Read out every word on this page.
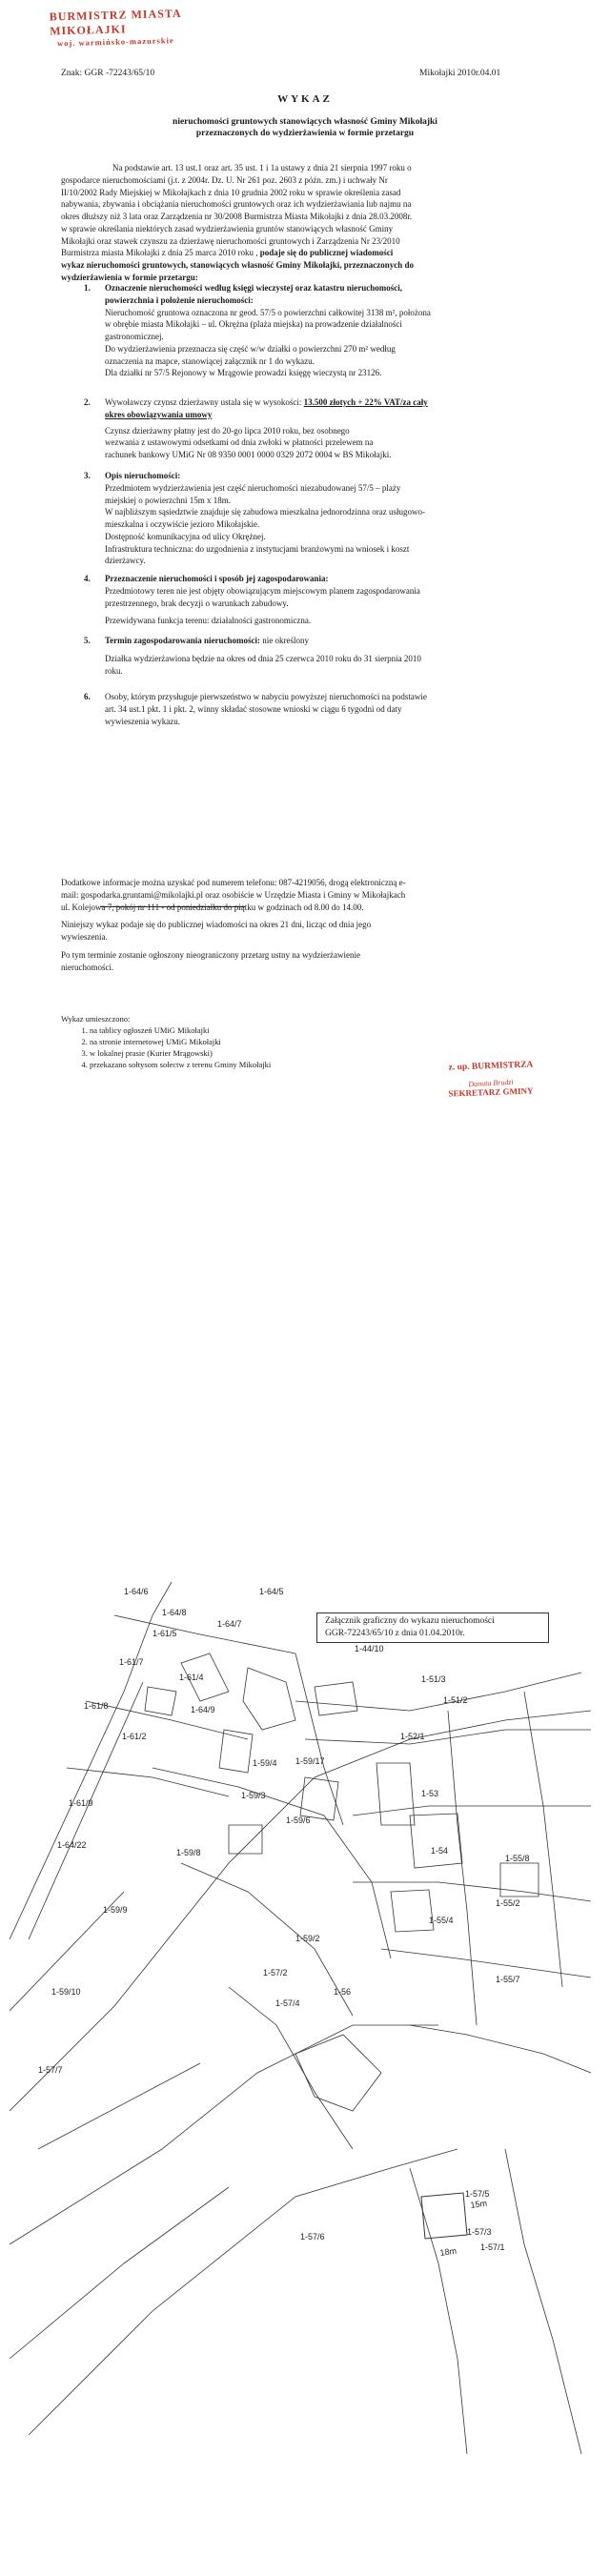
BURMISTRZ MIASTA MIKOŁAJKI
woj. warmińsko-mazurskie
Znak: GGR -72243/65/10	Mikołajki 2010r.04.01
WYKAZ
nieruchomości gruntowych stanowiących własność Gminy Mikołajki przeznaczonych do wydzierżawienia w formie przetargu
Na podstawie art. 13 ust.1 oraz art. 35 ust. 1 i 1a ustawy z dnia 21 sierpnia 1997 roku o
gospodarce nieruchomościami (j.t. z 2004r. Dz. U. Nr 261 poz. 2603 z późn. zm.) i uchwały Nr
II/10/2002 Rady Miejskiej w Mikołajkach z dnia 10 grudnia 2002 roku w sprawie określenia zasad
nabywania, zbywania i obciążania nieruchomości gruntowych oraz ich wydzierżawiania lub najmu na
okres dłuższy niż 3 lata oraz Zarządzenia nr 30/2008 Burmistrza Miasta Mikołajki z dnia 28.03.2008r.
w sprawie określania niektórych zasad wydzierżawienia gruntów stanowiących własność Gminy
Mikołajki oraz stawek czynszu za dzierżawę nieruchomości gruntowych i Zarządzenia Nr 23/2010
Burmistrza miasta Mikołajki z dnia 25 marca 2010 roku , podaje się do publicznej wiadomości
wykaz nieruchomości gruntowych, stanowiących własność Gminy Mikołajki, przeznaczonych do
wydzierżawienia w formie przetargu:
1. Oznaczenie nieruchomości według księgi wieczystej oraz katastru nieruchomości,
powierzchnia i położenie nieruchomości:
Nieruchomość gruntowa oznaczona nr geod. 57/5 o powierzchni całkowitej 3138 m², położona
w obrębie miasta Mikołajki – ul. Okrężna (plaża miejska) na prowadzenie działalności
gastronomicznej.
Do wydzierżawienia przeznacza się część w/w działki o powierzchni 270 m² według
oznaczenia na mapce, stanowiącej załącznik nr 1 do wykazu.
Dla działki nr 57/5 Rejonowy w Mrągowie prowadzi księgę wieczystą nr 23126.
2. Wywoławczy czynsz dzierżawny ustala się w wysokości: 13.500 złotych + 22% VAT/za cały
okres obowiązywania umowy
Czynsz dzierżawny płatny jest do 20-go lipca 2010 roku, bez osobnego
wezwania z ustawowymi odsetkami od dnia zwłoki w płatności przelewem na
rachunek bankowy UMiG Nr 08 9350 0001 0000 0329 2072 0004 w BS Mikołajki.
3. Opis nieruchomości:
Przedmiotem wydzierżawienia jest część nieruchomości niezabudowanej 57/5 – plaży
miejskiej o powierzchni 15m x 18m.
W najbliższym sąsiedztwie znajduje się zabudowa mieszkalna jednorodzinna oraz usługowo-
mieszkalna i oczywiście jezioro Mikołajskie.
Dostępność komunikacyjna od ulicy Okrężnej.
Infrastruktura techniczna: do uzgodnienia z instytucjami branżowymi na wniosek i koszt
dzierżawcy.
4. Przeznaczenie nieruchomości i sposób jej zagospodarowania:
Przedmiotowy teren nie jest objęty obowiązującym miejscowym planem zagospodarowania
przestrzennego, brak decyzji o warunkach zabudowy.
Przewidywana funkcja terenu: działalności gastronomiczna.
5. Termin zagospodarowania nieruchomości: nie określony
Działka wydzierżawiona będzie na okres od dnia 25 czerwca 2010 roku do 31 sierpnia 2010
roku.
6. Osoby, którym przysługuje pierwszeństwo w nabyciu powyższej nieruchomości na podstawie
art. 34 ust.1 pkt. 1 i pkt. 2, winny składać stosowne wnioski w ciągu 6 tygodni od daty
wywieszenia wykazu.
Dodatkowe informacje można uzyskać pod numerem telefonu: 087-4219056, drogą elektroniczną e-
mail: gospodarka.gruntami@mikolajki.pl oraz osobiście w Urzędzie Miasta i Gminy w Mikołajkach
ul. Kolejowa 7, pokój nr 111 - od poniedziałku do piątku w godzinach od 8.00 do 14.00.
Niniejszy wykaz podaje się do publicznej wiadomości na okres 21 dni, licząc od dnia jego
wywieszenia.
Po tym terminie zostanie ogłoszony nieograniczony przetarg ustny na wydzierżawienie
nieruchomości.
Wykaz umieszczono:
1. na tablicy ogłoszeń UMiG Mikołajki
2. na stronie internetowej UMiG Mikołajki
3. w lokalnej prasie (Kurier Mrągowski)
4. przekazano sołtysom sołectw z terenu Gminy Mikołajki	z. up. BURMISTRZA
Danuta Brudzi
SEKRETARZ GMINY
15m
18m
1-64/6
1-64/8
1-64/7
1-61/5
1-61/7
1-64/5
1-61/4
1-64/9
1-61/8
1-61/2
1-61/9
1-64/22
1-59/8
1-59/4
1-59/3
1-59/17
1-59/6
1-59/9
1-59/10
1-57/7
1-59/2
1-57/2
1-57/4
1-56
1-57/6
1-44/10
1-51/3
1-51/2
1-52/1
1-53
1-54
1-55/8
1-55/2
1-55/4
1-55/7
1-57/5
1-57/3
1-57/1
Załącznik graficzny do wykazu nieruchomości
GGR-72243/65/10 z dnia 01.04.2010r.
